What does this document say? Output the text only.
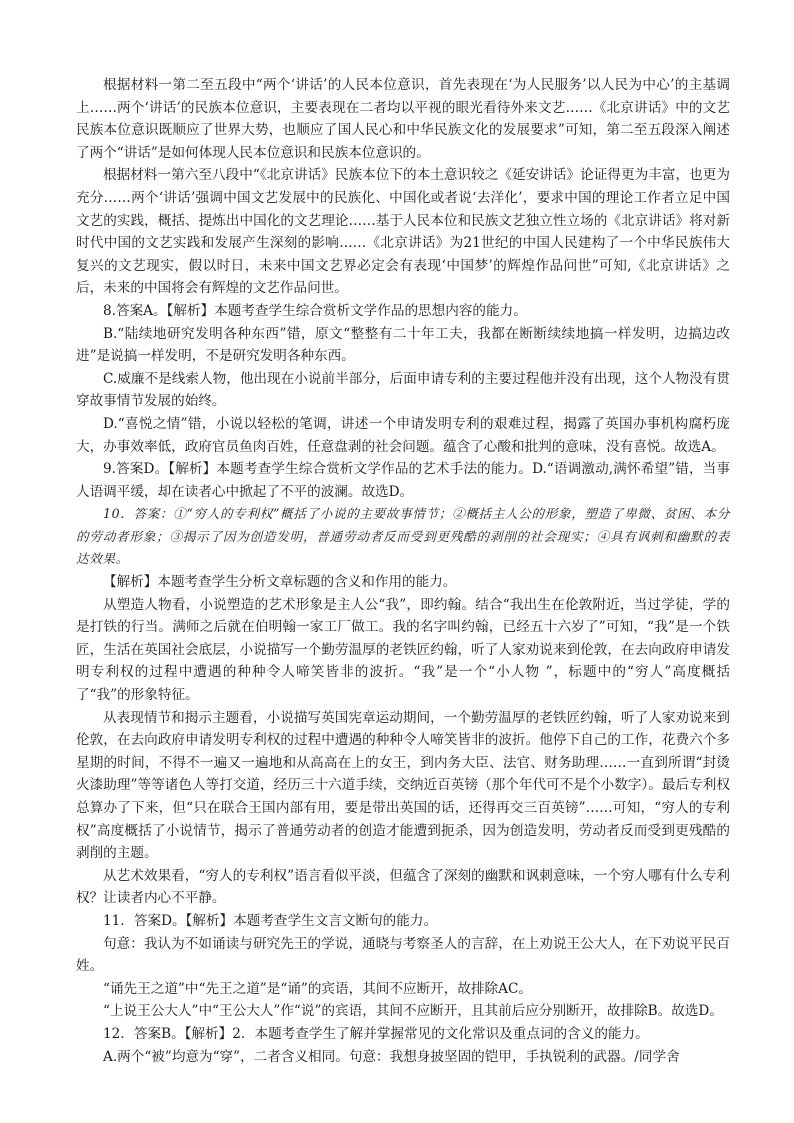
根据材料一第二至五段中“两个‘讲话’的人民本位意识，首先表现在‘为人民服务’以人民为中心’的主基调上……两个‘讲话’的民族本位意识，主要表现在二者均以平视的眼光看待外来文艺……《北京讲话》中的文艺民族本位意识既顺应了世界大势，也顺应了国人民心和中华民族文化的发展要求”可知，第二至五段深入阐述了两个“讲话”是如何体现人民本位意识和民族本位意识的。

根据材料一第六至八段中“《北京讲话》民族本位下的本土意识较之《延安讲话》论证得更为丰富，也更为充分……两个‘讲话’强调中国文艺发展中的民族化、中国化或者说‘去洋化’，要求中国的理论工作者立足中国文艺的实践，概括、提炼出中国化的文艺理论……基于人民本位和民族文艺独立性立场的《北京讲话》将对新时代中国的文艺实践和发展产生深刻的影响……《北京讲话》为21世纪的中国人民建构了一个中华民族伟大复兴的文艺现实，假以时日，未来中国文艺界必定会有表现‘中国梦’的辉煌作品问世”可知,《北京讲话》之后，未来的中国将会有辉煌的文艺作品问世。

8.答案A。【解析】本题考查学生综合赏析文学作品的思想内容的能力。

B.“陆续地研究发明各种东西”错，原文“整整有二十年工夫，我都在断断续续地搞一样发明，边搞边改进”是说搞一样发明，不是研究发明各种东西。

C.威廉不是线索人物，他出现在小说前半部分，后面申请专利的主要过程他并没有出现，这个人物没有贯穿故事情节发展的始终。

D.“喜悦之情”错，小说以轻松的笔调，讲述一个申请发明专利的艰难过程，揭露了英国办事机构腐朽庞大，办事效率低，政府官员鱼肉百姓，任意盘剥的社会问题。蕴含了心酸和批判的意味，没有喜悦。故选A。

9.答案D。【解析】本题考查学生综合赏析文学作品的艺术手法的能力。D.“语调激动,满怀希望”错，当事人语调平缓，却在读者心中掀起了不平的波澜。故选D。

10．答案：①“穷人的专利权”概括了小说的主要故事情节；②概括主人公的形象，塑造了卑微、贫困、本分的劳动者形象；③揭示了因为创造发明，普通劳动者反而受到更残酷的剥削的社会现实；④具有讽刺和幽默的表达效果。

【解析】本题考查学生分析文章标题的含义和作用的能力。

从塑造人物看，小说塑造的艺术形象是主人公“我”，即约翰。结合“我出生在伦敦附近，当过学徒，学的是打铁的行当。满师之后就在伯明翰一家工厂做工。我的名字叫约翰，已经五十六岁了”可知，“我”是一个铁匠，生活在英国社会底层，小说描写一个勤劳温厚的老铁匠约翰，听了人家劝说来到伦敦，在去向政府申请发明专利权的过程中遭遇的种种令人啼笑皆非的波折。“我”是一个“小人物 ”，标题中的“穷人”高度概括了“我”的形象特征。

从表现情节和揭示主题看，小说描写英国宪章运动期间，一个勤劳温厚的老铁匠约翰，听了人家劝说来到伦敦，在去向政府申请发明专利权的过程中遭遇的种种令人啼笑皆非的波折。他停下自己的工作，花费六个多星期的时间，不得不一遍又一遍地和从高高在上的女王，到内务大臣、法官、财务助理……一直到所谓“封烫火漆助理”等等诸色人等打交道，经历三十六道手续，交纳近百英镑（那个年代可不是个小数字）。最后专利权总算办了下来，但“只在联合王国内部有用，要是带出英国的话，还得再交三百英镑”……可知，“穷人的专利权”高度概括了小说情节，揭示了普通劳动者的创造才能遭到扼杀，因为创造发明，劳动者反而受到更残酷的剥削的主题。

从艺术效果看，“穷人的专利权”语言看似平淡，但蕴含了深刻的幽默和讽刺意味，一个穷人哪有什么专利权？让读者内心不平静。

11．答案D。【解析】本题考查学生文言文断句的能力。

句意：我认为不如诵读与研究先王的学说，通晓与考察圣人的言辞，在上劝说王公大人，在下劝说平民百姓。

“诵先王之道”中“先王之道”是“诵”的宾语，其间不应断开，故排除AC。

“上说王公大人”中“王公大人”作“说”的宾语，其间不应断开，且其前后应分别断开，故排除B。故选D。

12．答案B。【解析】2．本题考查学生了解并掌握常见的文化常识及重点词的含义的能力。

A.两个“被”均意为“穿”，二者含义相同。句意：我想身披坚固的铠甲，手执锐利的武器。/同学舍
